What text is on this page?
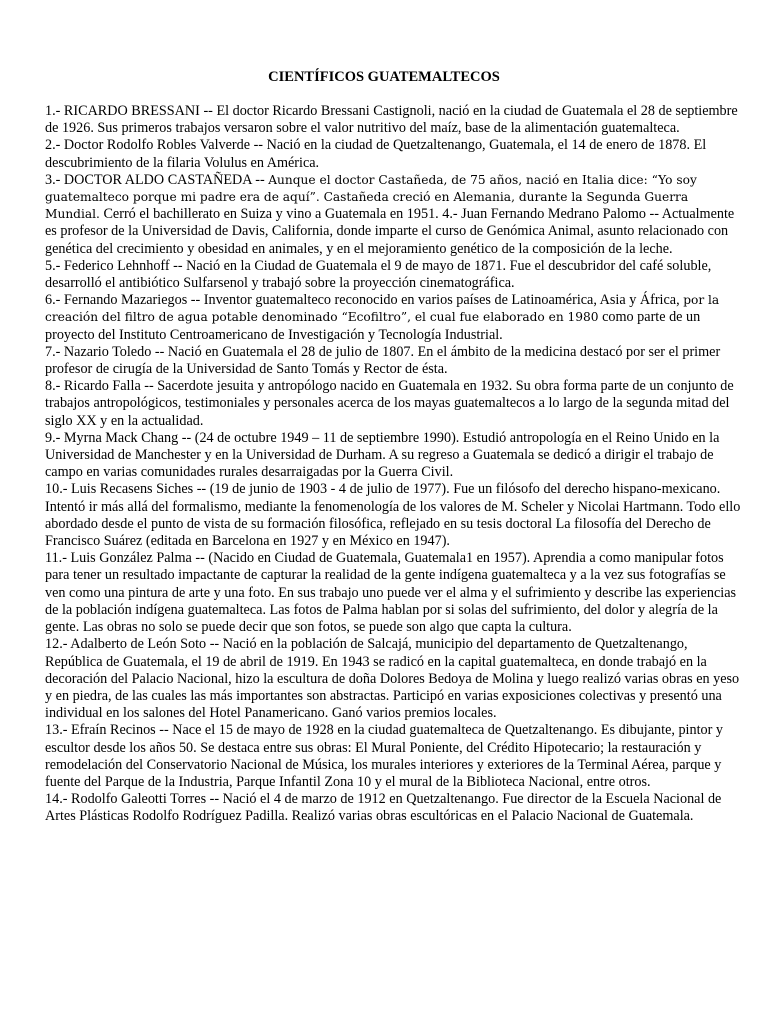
CIENTÍFICOS GUATEMALTECOS

1.- RICARDO BRESSANI -- El doctor Ricardo Bressani Castignoli, nació en la ciudad de Guatemala el 28 de septiembre de 1926. Sus primeros trabajos versaron sobre el valor nutritivo del maíz, base de la alimentación guatemalteca.

2.- Doctor Rodolfo Robles Valverde -- Nació en la ciudad de Quetzaltenango, Guatemala, el 14 de enero de 1878. El descubrimiento de la filaria Volulus en América.

3.- DOCTOR ALDO CASTAÑEDA -- Aunque el doctor Castañeda, de 75 años, nació en Italia dice: “Yo soy guatemalteco porque mi padre era de aquí”. Castañeda creció en Alemania, durante la Segunda Guerra Mundial. Cerró el bachillerato en Suiza y vino a Guatemala en 1951. 4.- Juan Fernando Medrano Palomo -- Actualmente es profesor de la Universidad de Davis, California, donde imparte el curso de Genómica Animal, asunto relacionado con genética del crecimiento y obesidad en animales, y en el mejoramiento genético de la composición de la leche.

5.- Federico Lehnhoff -- Nació en la Ciudad de Guatemala el 9 de mayo de 1871. Fue el descubridor del café soluble, desarrolló el antibiótico Sulfarsenol y trabajó sobre la proyección cinematográfica.

6.- Fernando Mazariegos -- Inventor guatemalteco reconocido en varios países de Latinoamérica, Asia y África, por la creación del filtro de agua potable denominado “Ecofiltro”, el cual fue elaborado en 1980 como parte de un proyecto del Instituto Centroamericano de Investigación y Tecnología Industrial.

7.- Nazario Toledo -- Nació en Guatemala el 28 de julio de 1807. En el ámbito de la medicina destacó por ser el primer profesor de cirugía de la Universidad de Santo Tomás y Rector de ésta.

8.- Ricardo Falla -- Sacerdote jesuita y antropólogo nacido en Guatemala en 1932. Su obra forma parte de un conjunto de trabajos antropológicos, testimoniales y personales acerca de los mayas guatemaltecos a lo largo de la segunda mitad del siglo XX y en la actualidad.

9.- Myrna Mack Chang -- (24 de octubre 1949 – 11 de septiembre 1990). Estudió antropología en el Reino Unido en la Universidad de Manchester y en la Universidad de Durham. A su regreso a Guatemala se dedicó a dirigir el trabajo de campo en varias comunidades rurales desarraigadas por la Guerra Civil.

10.- Luis Recasens Siches -- (19 de junio de 1903 - 4 de julio de 1977). Fue un filósofo del derecho hispano-mexicano. Intentó ir más allá del formalismo, mediante la fenomenología de los valores de M. Scheler y Nicolai Hartmann. Todo ello abordado desde el punto de vista de su formación filosófica, reflejado en su tesis doctoral La filosofía del Derecho de Francisco Suárez (editada en Barcelona en 1927 y en México en 1947).

11.- Luis González Palma -- (Nacido en Ciudad de Guatemala, Guatemala1 en 1957). Aprendia a como manipular fotos para tener un resultado impactante de capturar la realidad de la gente indígena guatemalteca y a la vez sus fotografías se ven como una pintura de arte y una foto. En sus trabajo uno puede ver el alma y el sufrimiento y describe las experiencias de la población indígena guatemalteca. Las fotos de Palma hablan por si solas del sufrimiento, del dolor y alegría de la gente. Las obras no solo se puede decir que son fotos, se puede son algo que capta la cultura.

12.- Adalberto de León Soto -- Nació en la población de Salcajá, municipio del departamento de Quetzaltenango, República de Guatemala, el 19 de abril de 1919. En 1943 se radicó en la capital guatemalteca, en donde trabajó en la decoración del Palacio Nacional, hizo la escultura de doña Dolores Bedoya de Molina y luego realizó varias obras en yeso y en piedra, de las cuales las más importantes son abstractas. Participó en varias exposiciones colectivas y presentó una individual en los salones del Hotel Panamericano. Ganó varios premios locales.

13.- Efraín Recinos -- Nace el 15 de mayo de 1928 en la ciudad guatemalteca de Quetzaltenango. Es dibujante, pintor y escultor desde los años 50. Se destaca entre sus obras: El Mural Poniente, del Crédito Hipotecario; la restauración y remodelación del Conservatorio Nacional de Música, los murales interiores y exteriores de la Terminal Aérea, parque y fuente del Parque de la Industria, Parque Infantil Zona 10 y el mural de la Biblioteca Nacional, entre otros.

14.- Rodolfo Galeotti Torres -- Nació el 4 de marzo de 1912 en Quetzaltenango. Fue director de la Escuela Nacional de Artes Plásticas Rodolfo Rodríguez Padilla. Realizó varias obras escultóricas en el Palacio Nacional de Guatemala.
